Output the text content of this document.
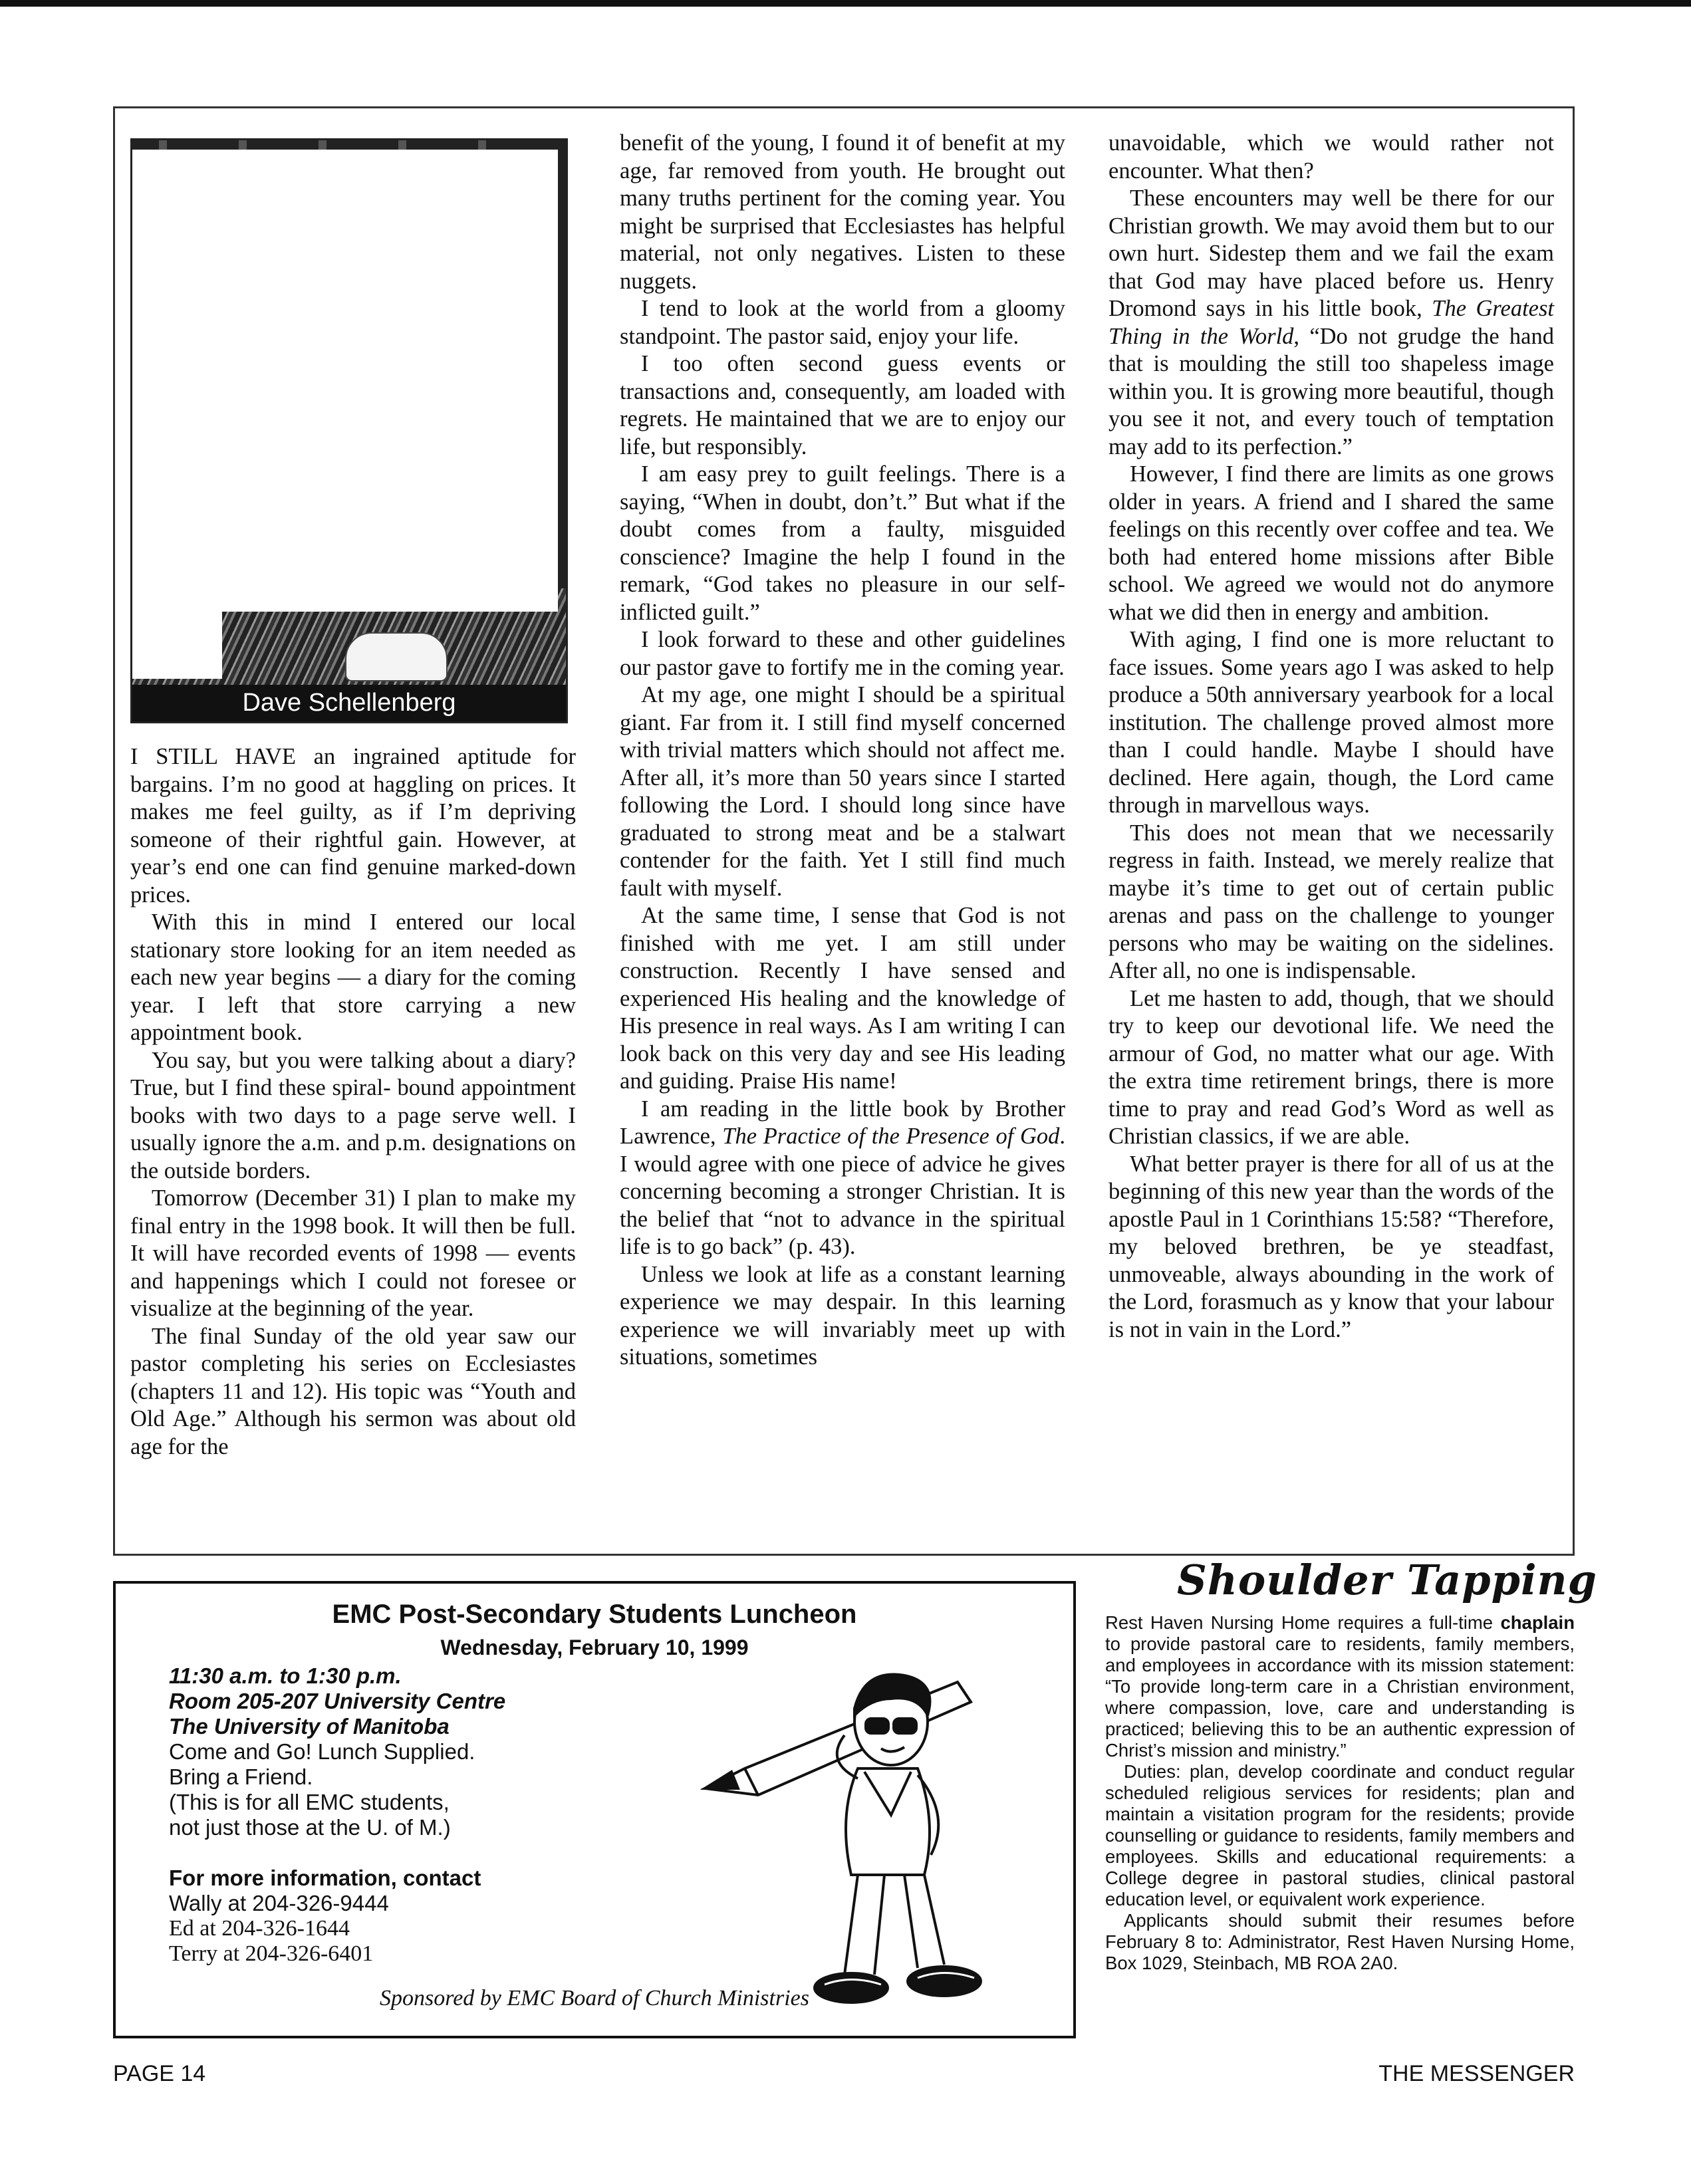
Dave Schellenberg

I STILL HAVE an ingrained aptitude for bargains. I’m no good at haggling on prices. It makes me feel guilty, as if I’m depriving someone of their rightful gain. However, at year’s end one can find genuine marked-down prices.

With this in mind I entered our local stationary store looking for an item needed as each new year begins — a diary for the coming year. I left that store carrying a new appointment book.

You say, but you were talking about a diary? True, but I find these spiral- bound appointment books with two days to a page serve well. I usually ignore the a.m. and p.m. designations on the outside borders.

Tomorrow (December 31) I plan to make my final entry in the 1998 book. It will then be full. It will have recorded events of 1998 — events and happenings which I could not foresee or visualize at the beginning of the year.

The final Sunday of the old year saw our pastor completing his series on Ecclesiastes (chapters 11 and 12). His topic was “Youth and Old Age.” Although his sermon was about old age for the

benefit of the young, I found it of benefit at my age, far removed from youth. He brought out many truths pertinent for the coming year. You might be surprised that Ecclesiastes has helpful material, not only negatives. Listen to these nuggets.

I tend to look at the world from a gloomy standpoint. The pastor said, enjoy your life.

I too often second guess events or transactions and, consequently, am loaded with regrets. He maintained that we are to enjoy our life, but responsibly.

I am easy prey to guilt feelings. There is a saying, “When in doubt, don’t.” But what if the doubt comes from a faulty, misguided conscience? Imagine the help I found in the remark, “God takes no pleasure in our self-inflicted guilt.”

I look forward to these and other guidelines our pastor gave to fortify me in the coming year.

At my age, one might I should be a spiritual giant. Far from it. I still find myself concerned with trivial matters which should not affect me. After all, it’s more than 50 years since I started following the Lord. I should long since have graduated to strong meat and be a stalwart contender for the faith. Yet I still find much fault with myself.

At the same time, I sense that God is not finished with me yet. I am still under construction. Recently I have sensed and experienced His healing and the knowledge of His presence in real ways. As I am writing I can look back on this very day and see His leading and guiding. Praise His name!

I am reading in the little book by Brother Lawrence, The Practice of the Presence of God. I would agree with one piece of advice he gives concerning becoming a stronger Christian. It is the belief that “not to advance in the spiritual life is to go back” (p. 43).

Unless we look at life as a constant learning experience we may despair. In this learning experience we will invariably meet up with situations, sometimes

unavoidable, which we would rather not encounter. What then?

These encounters may well be there for our Christian growth. We may avoid them but to our own hurt. Sidestep them and we fail the exam that God may have placed before us. Henry Dromond says in his little book, The Greatest Thing in the World, “Do not grudge the hand that is moulding the still too shapeless image within you. It is growing more beautiful, though you see it not, and every touch of temptation may add to its perfection.”

However, I find there are limits as one grows older in years. A friend and I shared the same feelings on this recently over coffee and tea. We both had entered home missions after Bible school. We agreed we would not do anymore what we did then in energy and ambition.

With aging, I find one is more reluctant to face issues. Some years ago I was asked to help produce a 50th anniversary yearbook for a local institution. The challenge proved almost more than I could handle. Maybe I should have declined. Here again, though, the Lord came through in marvellous ways.

This does not mean that we necessarily regress in faith. Instead, we merely realize that maybe it’s time to get out of certain public arenas and pass on the challenge to younger persons who may be waiting on the sidelines. After all, no one is indispensable.

Let me hasten to add, though, that we should try to keep our devotional life. We need the armour of God, no matter what our age. With the extra time retirement brings, there is more time to pray and read God’s Word as well as Christian classics, if we are able.

What better prayer is there for all of us at the beginning of this new year than the words of the apostle Paul in 1 Corinthians 15:58? “Therefore, my beloved brethren, be ye steadfast, unmoveable, always abounding in the work of the Lord, forasmuch as y know that your labour is not in vain in the Lord.”

EMC Post-Secondary Students Luncheon
Wednesday, February 10, 1999
11:30 a.m. to 1:30 p.m.
Room 205-207 University Centre
The University of Manitoba
Come and Go! Lunch Supplied.
Bring a Friend.
(This is for all EMC students,
not just those at the U. of M.)
For more information, contact
Wally at 204-326-9444
Ed at 204-326-1644
Terry at 204-326-6401
Sponsored by EMC Board of Church Ministries
Shoulder Tapping

Rest Haven Nursing Home requires a full-time chaplain to provide pastoral care to residents, family members, and employees in accordance with its mission statement: “To provide long-term care in a Christian environment, where compassion, love, care and understanding is practiced; believing this to be an authentic expression of Christ’s mission and ministry.”

Duties: plan, develop coordinate and conduct regular scheduled religious services for residents; plan and maintain a visitation program for the residents; provide counselling or guidance to residents, family members and employees. Skills and educational requirements: a College degree in pastoral studies, clinical pastoral education level, or equivalent work experience.

Applicants should submit their resumes before February 8 to: Administrator, Rest Haven Nursing Home, Box 1029, Steinbach, MB ROA 2A0.

PAGE 14	THE MESSENGER
